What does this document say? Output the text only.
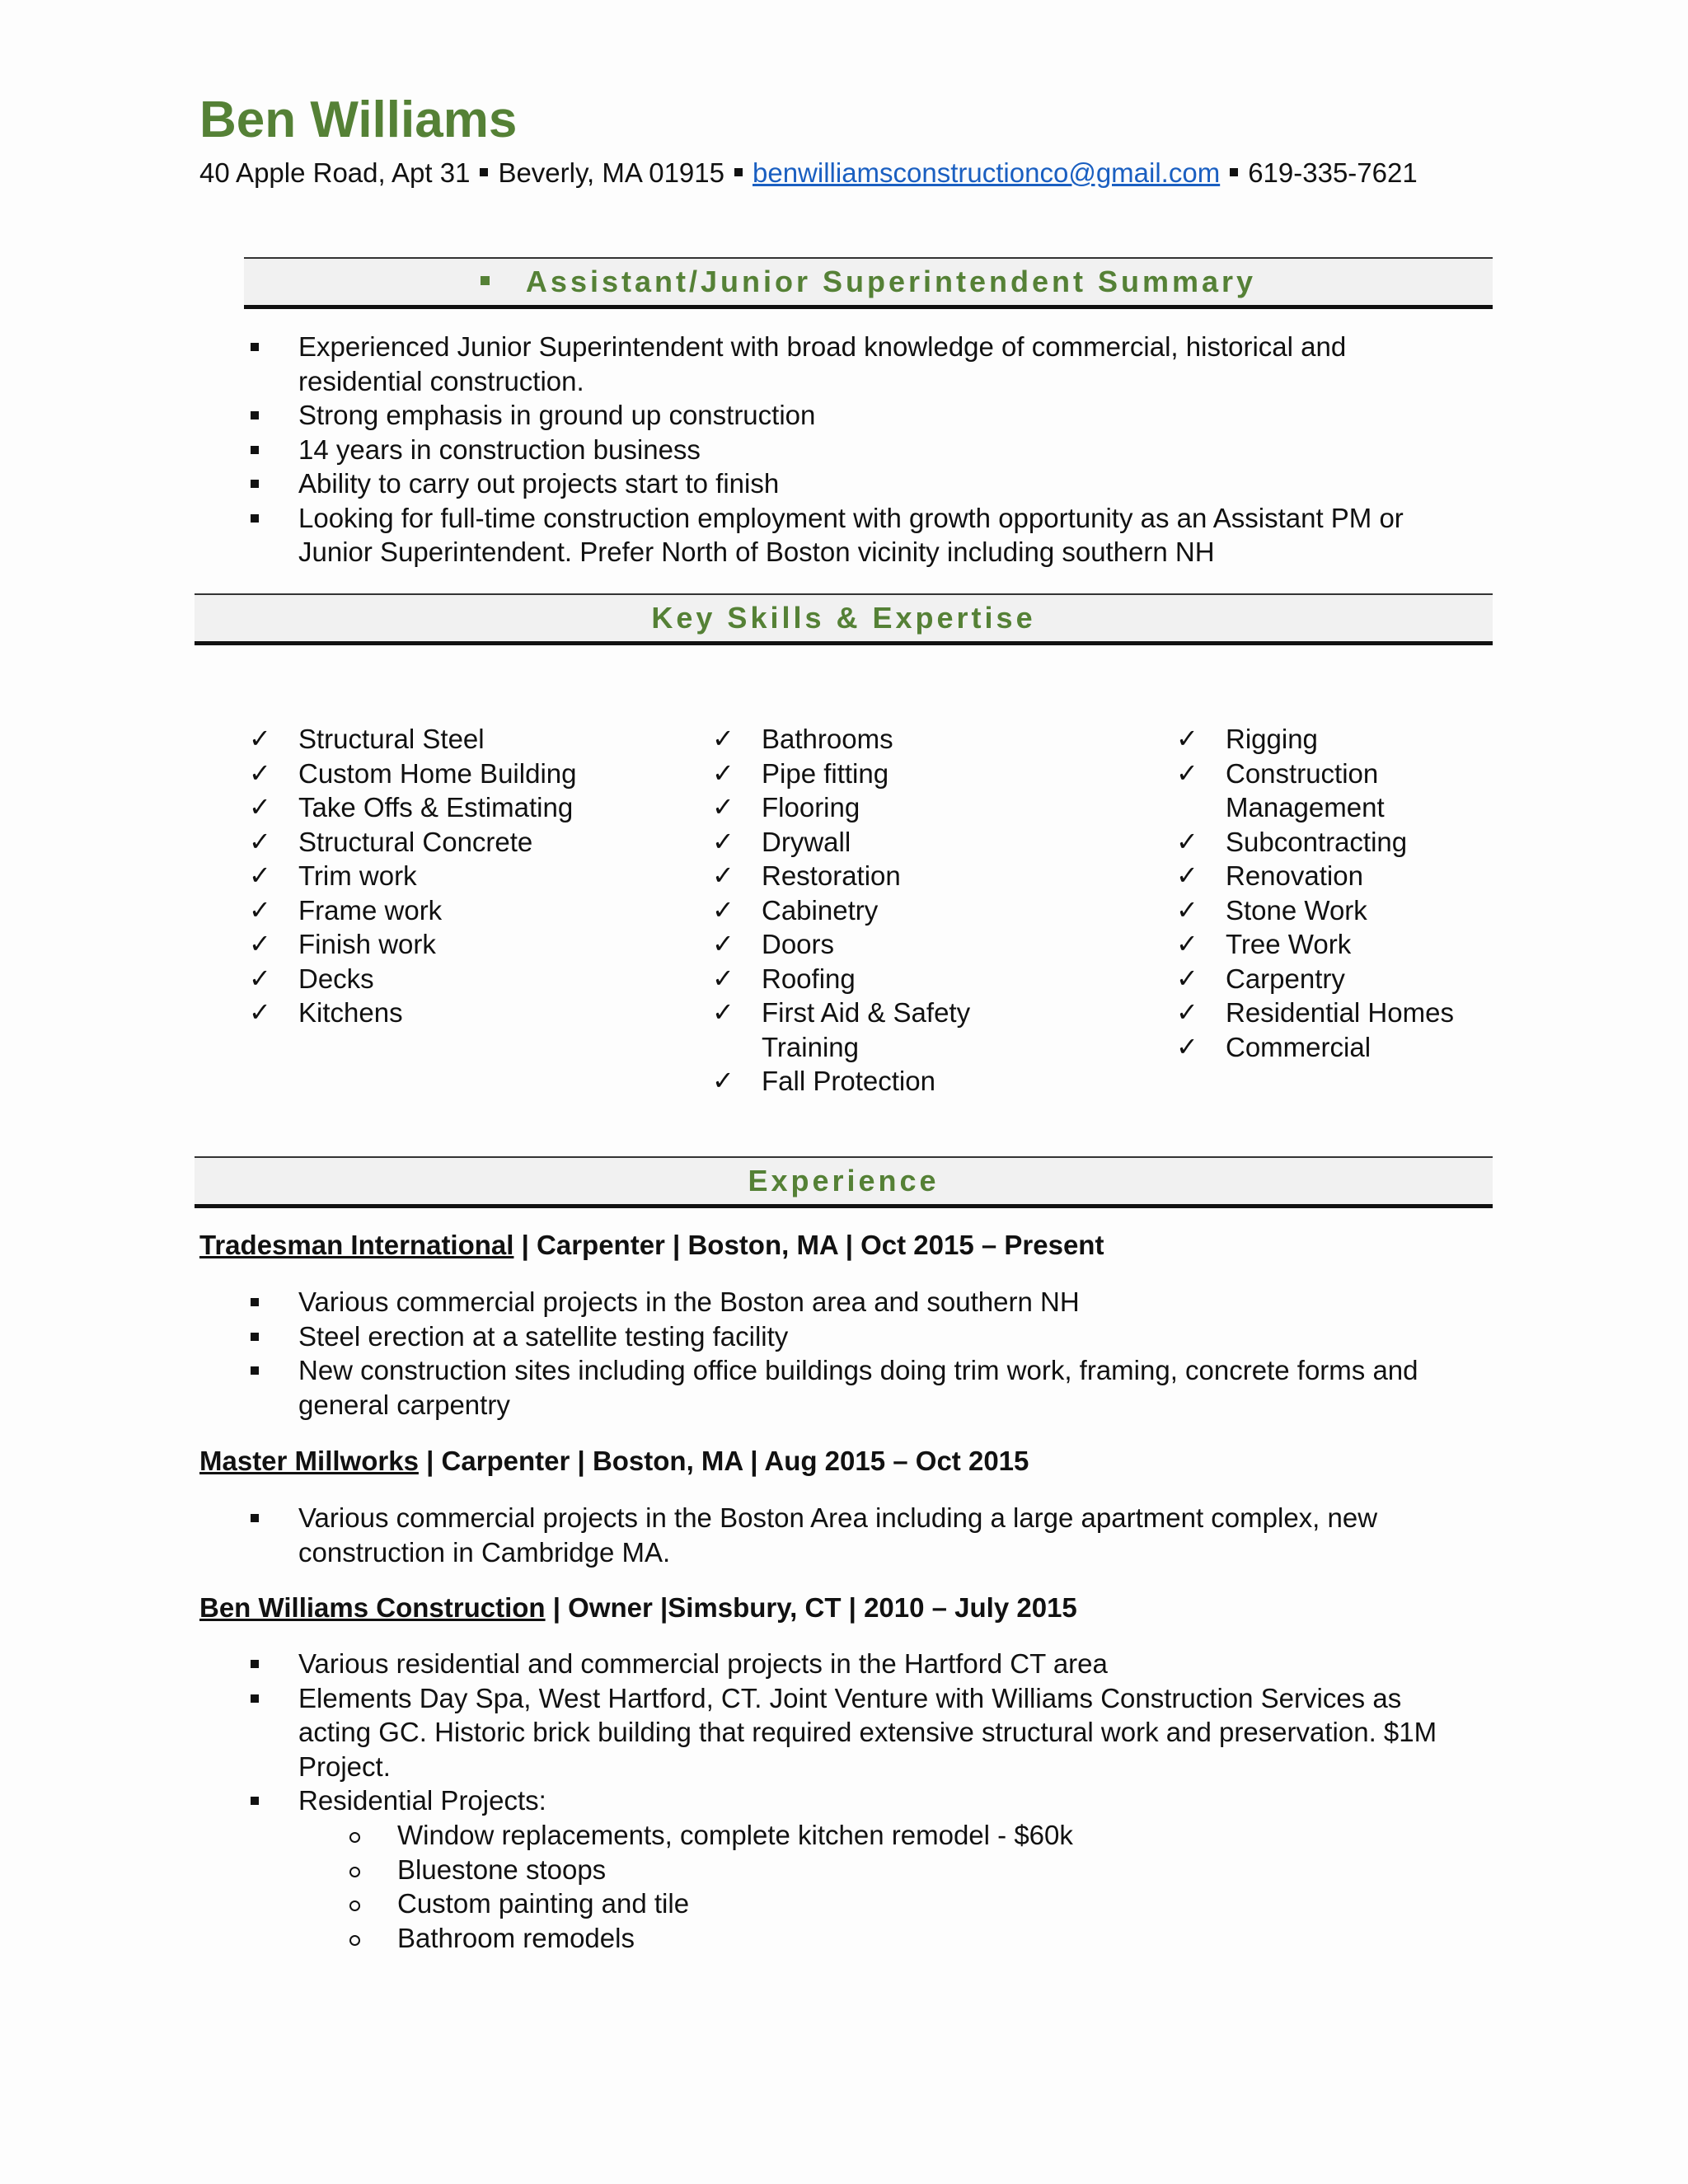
Ben Williams
40 Apple Road, Apt 31 Beverly, MA 01915 benwilliamsconstructionco@gmail.com 619-335-7621
Assistant/Junior Superintendent Summary
Experienced Junior Superintendent with broad knowledge of commercial, historical and residential construction.
Strong emphasis in ground up construction
14 years in construction business
Ability to carry out projects start to finish
Looking for full-time construction employment with growth opportunity as an Assistant PM or Junior Superintendent. Prefer North of Boston vicinity including southern NH
Key Skills & Expertise
✓ Structural Steel
✓ Custom Home Building
✓ Take Offs & Estimating
✓ Structural Concrete
✓ Trim work
✓ Frame work
✓ Finish work
✓ Decks
✓ Kitchens
✓ Bathrooms
✓ Pipe fitting
✓ Flooring
✓ Drywall
✓ Restoration
✓ Cabinetry
✓ Doors
✓ Roofing
✓ First Aid & Safety Training
✓ Fall Protection
✓ Rigging
✓ Construction Management
✓ Subcontracting
✓ Renovation
✓ Stone Work
✓ Tree Work
✓ Carpentry
✓ Residential Homes
✓ Commercial
Experience
Tradesman International | Carpenter | Boston, MA | Oct 2015 – Present
Various commercial projects in the Boston area and southern NH
Steel erection at a satellite testing facility
New construction sites including office buildings doing trim work, framing, concrete forms and general carpentry
Master Millworks | Carpenter | Boston, MA | Aug 2015 – Oct 2015
Various commercial projects in the Boston Area including a large apartment complex, new construction in Cambridge MA.
Ben Williams Construction | Owner |Simsbury, CT | 2010 – July 2015
Various residential and commercial projects in the Hartford CT area
Elements Day Spa, West Hartford, CT. Joint Venture with Williams Construction Services as acting GC. Historic brick building that required extensive structural work and preservation. $1M Project.
Residential Projects:
Window replacements, complete kitchen remodel - $60k
Bluestone stoops
Custom painting and tile
Bathroom remodels
